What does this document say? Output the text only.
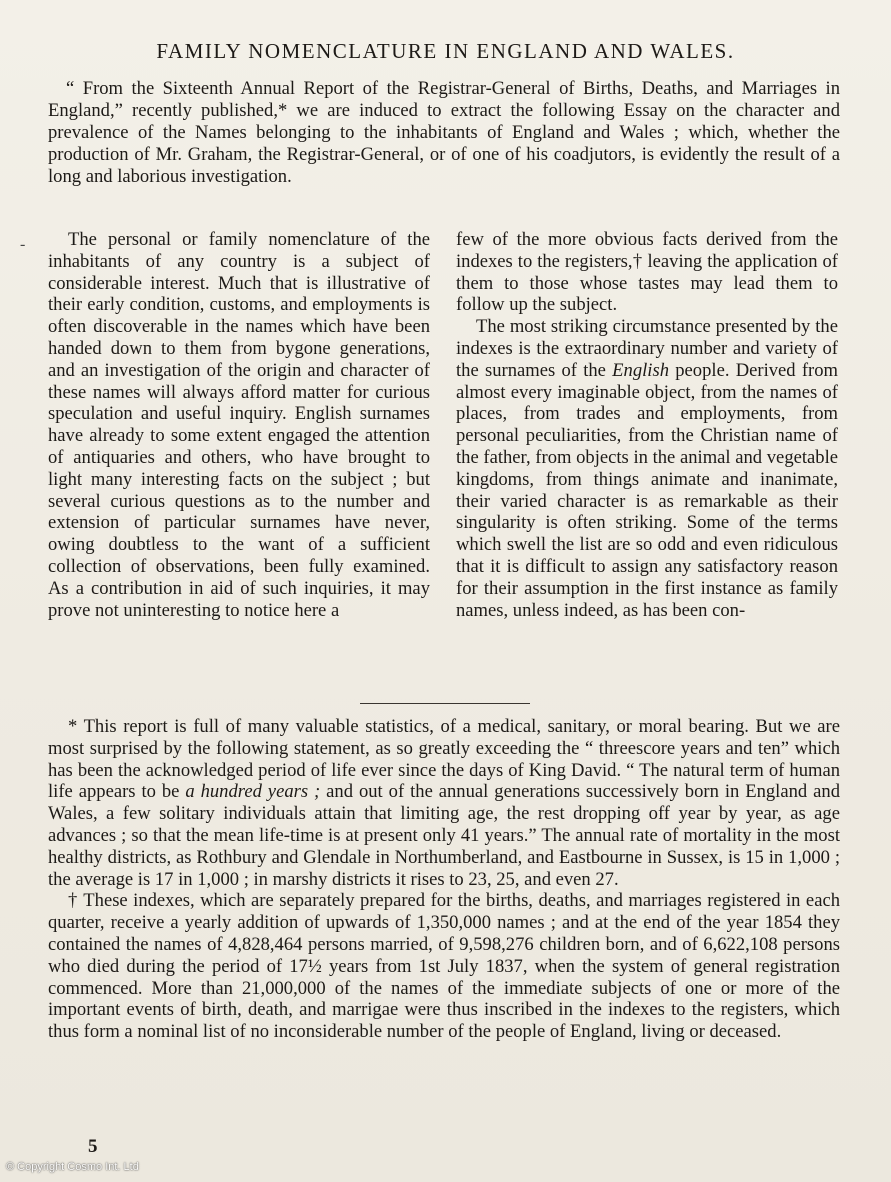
FAMILY NOMENCLATURE IN ENGLAND AND WALES.

“ From the Sixteenth Annual Report of the Registrar-General of Births, Deaths, and Marriages in England,” recently published,* we are induced to extract the following Essay on the character and prevalence of the Names belonging to the inhabitants of England and Wales ; which, whether the production of Mr. Graham, the Registrar-General, or of one of his coadjutors, is evidently the result of a long and laborious investigation.

-	The personal or family nomenclature of the inhabitants of any country is a subject of considerable interest. Much that is illustrative of their early condition, customs, and employments is often discoverable in the names which have been handed down to them from bygone generations, and an investigation of the origin and character of these names will always afford matter for curious speculation and useful inquiry. English surnames have already to some extent engaged the attention of antiquaries and others, who have brought to light many interesting facts on the subject ; but several curious questions as to the number and extension of particular surnames have never, owing doubtless to the want of a sufficient collection of observations, been fully examined. As a contribution in aid of such inquiries, it may prove not uninteresting to notice here a

few of the more obvious facts derived from the indexes to the registers,† leaving the application of them to those whose tastes may lead them to follow up the subject.

The most striking circumstance presented by the indexes is the extraordinary number and variety of the surnames of the English people. Derived from almost every imaginable object, from the names of places, from trades and employments, from personal peculiarities, from the Christian name of the father, from objects in the animal and vegetable kingdoms, from things animate and inanimate, their varied character is as remarkable as their singularity is often striking. Some of the terms which swell the list are so odd and even ridiculous that it is difficult to assign any satisfactory reason for their assumption in the first instance as family names, unless indeed, as has been con-

* This report is full of many valuable statistics, of a medical, sanitary, or moral bearing. But we are most surprised by the following statement, as so greatly exceeding the “ threescore years and ten” which has been the acknowledged period of life ever since the days of King David. “ The natural term of human life appears to be a hundred years ; and out of the annual generations successively born in England and Wales, a few solitary individuals attain that limiting age, the rest dropping off year by year, as age advances ; so that the mean life-time is at present only 41 years.” The annual rate of mortality in the most healthy districts, as Rothbury and Glendale in Northumberland, and Eastbourne in Sussex, is 15 in 1,000 ; the average is 17 in 1,000 ; in marshy districts it rises to 23, 25, and even 27.

† These indexes, which are separately prepared for the births, deaths, and marriages registered in each quarter, receive a yearly addition of upwards of 1,350,000 names ; and at the end of the year 1854 they contained the names of 4,828,464 persons married, of 9,598,276 children born, and of 6,622,108 persons who died during the period of 17½ years from 1st July 1837, when the system of general registration commenced. More than 21,000,000 of the names of the immediate subjects of one or more of the important events of birth, death, and marrigae were thus inscribed in the indexes to the registers, which thus form a nominal list of no inconsiderable number of the people of England, living or deceased.

5
© Copyright Cosmo Int. Ltd
